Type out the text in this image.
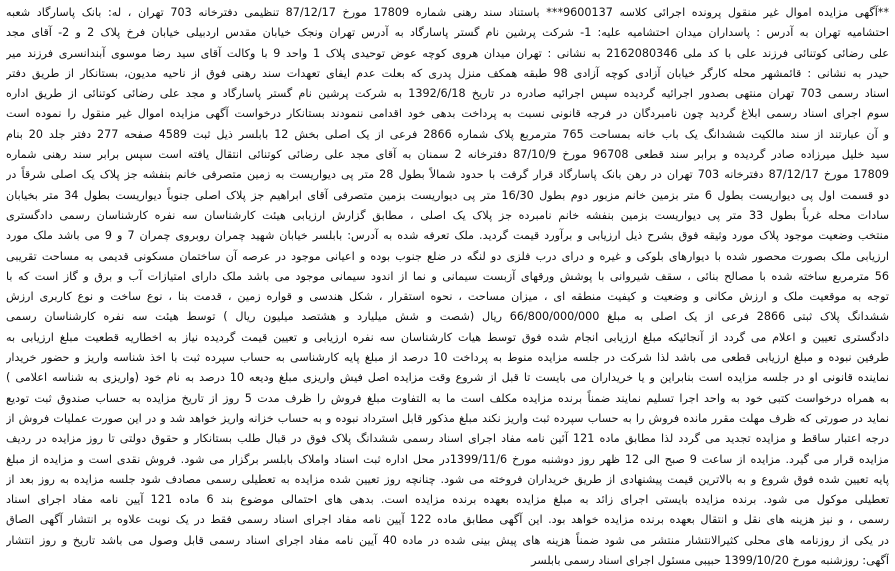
**آگهی مزایده اموال غیر منقول پرونده اجرائی کلاسه 9600137*** باستناد سند رهنی شماره 17809 مورخ 87/12/17 تنظیمی دفترخانه 703 تهران ، له: بانک پاسارگاد شعبه
احتشامیه تهران به آدرس : پاسداران میدان احتشامیه علیه: 1- شرکت پرشین نام گستر پاسارگاد به آدرس تهران ونجک خیابان مقدس اردبیلی خیابان فرخ پلاک 2 و 2- آقای مجد
علی رضائی کوتنائی فرزند علی با کد ملی 2162080346 به نشانی : تهران میدان هروی کوچه عوض توحیدی پلاک 1 واحد 9 با وکالت آقای سید رضا موسوی آبندانسری فرزند میر
حیدر به نشانی : قائمشهر محله کارگر خیابان آزادی کوچه آزادی 98 طبقه همکف منزل پدری که بعلت عدم ایفای تعهدات سند رهنی فوق از ناحیه مدیون، بستانکار از طریق دفتر
اسناد رسمی 703 تهران منتهی بصدور اجرائیه گردیده سپس اجرائیه صادره در تاریخ 1392/6/18 به شرکت پرشین نام گستر پاسارگاد و مجد علی رضائی کوتنائی از طریق اداره
سوم اجرای اسناد رسمی ابلاغ گردید چون نامبردگان در فرجه قانونی نسبت به پرداخت بدهی خود اقدامی ننمودند بستانکار درخواست آگهی مزایده اموال غیر منقول را نموده است
و آن عبارتند از سند مالکیت ششدانگ یک باب خانه بمساحت 765 مترمربع پلاک شماره 2866 فرعی از یک اصلی بخش 12 بابلسر ذیل ثبت 4589 صفحه 277 دفتر جلد 20 بنام
سید خلیل میرزاده صادر گردیده و برابر سند قطعی 96708 مورخ 87/10/9 دفترخانه 2 سمنان به آقای مجد علی رضائی کوتنائی انتقال یافته است سپس برابر سند رهنی شماره
17809 مورخ 87/12/17 دفترخانه 703 تهران در رهن بانک پاسارگاد قرار گرفت با حدود شمالاً بطول 28 متر پی دیواریست به زمین متصرفی خانم بنفشه جز پلاک یک اصلی شرقاً در
دو قسمت اول پی دیواریست بطول 6 متر بزمین خانم مزبور دوم بطول 16/30 متر پی دیواریست بزمین متصرفی آقای ابراهیم جز پلاک اصلی جنوباً دیواریست بطول 34 متر بخیابان
سادات محله غرباً بطول 33 متر پی دیواریست بزمین بنفشه خانم نامبرده جز پلاک یک اصلی ، مطابق گزارش ارزیابی هیئت کارشناسان سه نفره کارشناسان رسمی دادگستری
منتخب وضعیت موجود پلاک مورد وثیقه فوق بشرح ذیل ارزیابی و برآورد قیمت گردید. ملک تعرفه شده به آدرس: بابلسر خیابان شهید چمران روبروی چمران 7 و 9 می باشد ملک مورد
ارزیابی ملک بصورت محصور شده با دیوارهای بلوکی و غیره و درای درب فلزی دو لنگه در ضلع جنوب بوده و اعیانی موجود در عرصه آن ساختمان مسکونی قدیمی به مساحت تقریبی
56 مترمربع ساخته شده با مصالح بنائی ، سقف شیروانی با پوشش ورقهای آزبست سیمانی و نما از اندود سیمانی موجود می باشد ملک دارای امتیازات آب و برق و گاز است که با
توجه به موقعیت ملک و ارزش مکانی و وضعیت و کیفیت منطقه ای ، میزان مساحت ، نحوه استقرار ، شکل هندسی و قواره زمین ، قدمت بنا ، نوع ساخت و نوع کاربری ارزش
ششدانگ پلاک ثبتی 2866 فرعی از یک اصلی به مبلغ 66/800/000/000 ریال (شصت و شش میلیارد و هشتصد میلیون ریال ) توسط هیئت سه نفره کارشناسان رسمی
دادگستری تعیین و اعلام می گردد از آنجائیکه مبلغ ارزیابی انجام شده فوق توسط هیات کارشناسان سه نفره ارزیابی و تعیین قیمت گردیده نیاز به اخطاریه قطعیت مبلغ ارزیابی به
طرفین نبوده و مبلغ ارزیابی قطعی می باشد لذا شرکت در جلسه مزایده منوط به پرداخت 10 درصد از مبلغ پایه کارشناسی به حساب سپرده ثبت با اخذ شناسه واریز و حضور خریدار
نماینده قانونی او در جلسه مزایده است بنابراین و یا خریداران می بایست تا قبل از شروع وقت مزایده اصل فیش واریزی مبلغ ودیعه 10 درصد به نام خود (واریزی به شناسه اعلامی )
به همراه درخواست کتبی خود به واحد اجرا تسلیم نمایند ضمناً برنده مزایده مکلف است ما به التفاوت مبلغ فروش را ظرف مدت 5 روز از تاریخ مزایده به حساب صندوق ثبت تودیع
نماید در صورتی که ظرف مهلت مقرر مانده فروش را به حساب سپرده ثبت واریز نکند مبلغ مذکور قابل استرداد نبوده و به حساب خزانه واریز خواهد شد و در این صورت عملیات فروش از
درجه اعتبار ساقط و مزایده تجدید می گردد لذا مطابق ماده 121 آئین نامه مفاد اجرای اسناد رسمی ششدانگ پلاک فوق در قبال طلب بستانکار و حقوق دولتی تا روز مزایده در ردیف
مزایده قرار می گیرد. مزایده از ساعت 9 صبح الی 12 ظهر روز دوشنبه مورخ 1399/11/6در محل اداره ثبت اسناد واملاک بابلسر برگزار می شود. فروش نقدی است و مزایده از مبلغ
پایه تعیین شده فوق شروع و به بالاترین قیمت پیشنهادی از طریق خریداران فروخته می شود. چنانچه روز تعیین شده مزایده به تعطیلی رسمی مصادف شود جلسه مزایده به روز بعد از
تعطیلی موکول می شود. برنده مزایده بایستی اجرای زائد به مبلغ مزایده بعهده برنده مزایده است. بدهی های احتمالی موضوع بند 6 ماده 121 آیین نامه مفاد اجرای اسناد
رسمی ، و نیز هزینه های نقل و انتقال بعهده برنده مزایده خواهد بود. این آگهی مطابق ماده 122 آیین نامه مفاد اجرای اسناد رسمی فقط در یک نوبت علاوه بر انتشار آگهی الصاق
در یکی از روزنامه های محلی کثیرالانتشار منتشر می شود ضمناً هزینه های پیش بینی شده در ماده 40 آیین نامه مفاد اجرای اسناد رسمی قابل وصول می باشد تاریخ و روز انتشار
آگهی: روزشنبه مورخ 1399/10/20 حبیبی مسئول اجرای اسناد رسمی بابلسر
